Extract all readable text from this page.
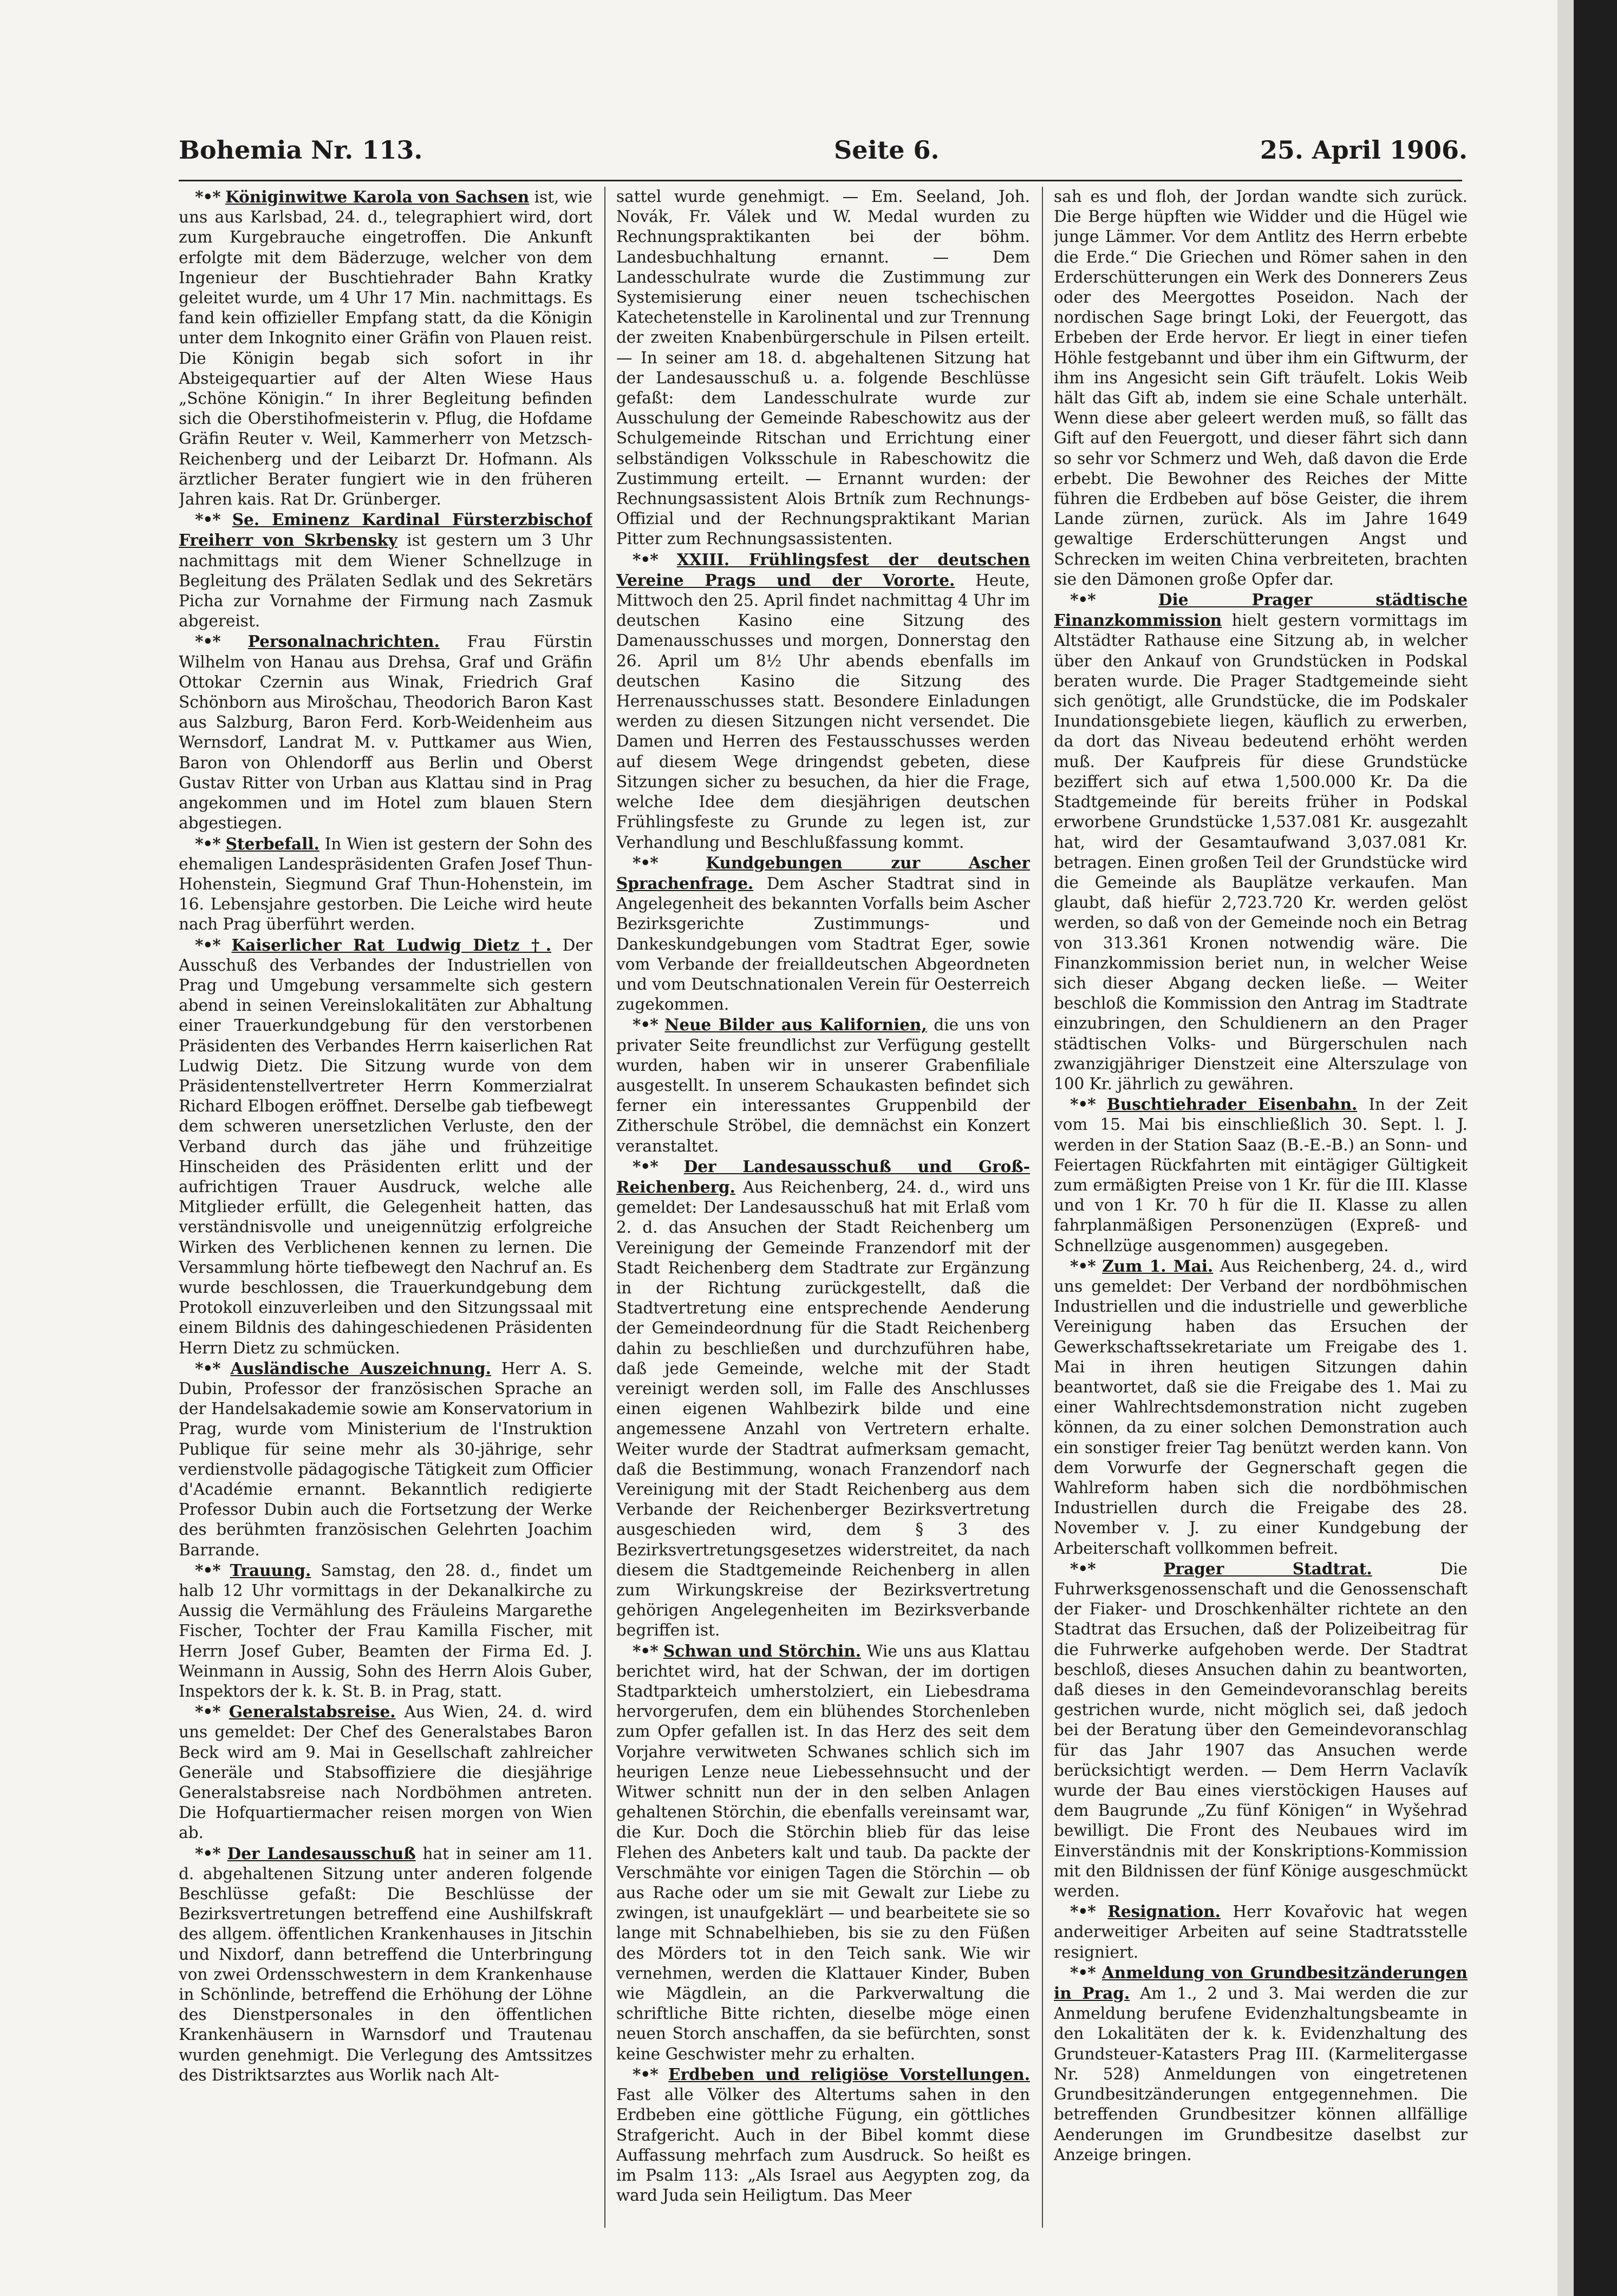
Bohemia Nr. 113.	Seite 6.	25. April 1906.

*•* Königinwitwe Karola von Sachsen ist, wie uns aus Karlsbad, 24. d., telegraphiert wird, dort zum Kurgebrauche eingetroffen. Die Ankunft erfolgte mit dem Bäderzuge, welcher von dem Ingenieur der Buschtiehrader Bahn Kratky geleitet wurde, um 4 Uhr 17 Min. nachmittags. Es fand kein offizieller Empfang statt, da die Königin unter dem Inkognito einer Gräfin von Plauen reist. Die Königin begab sich sofort in ihr Absteigequartier auf der Alten Wiese Haus „Schöne Königin.“ In ihrer Begleitung befinden sich die Oberstihofmeisterin v. Pflug, die Hofdame Gräfin Reuter v. Weil, Kammerherr von Metzsch-Reichenberg und der Leibarzt Dr. Hofmann. Als ärztlicher Berater fungiert wie in den früheren Jahren kais. Rat Dr. Grünberger.

*•* Se. Eminenz Kardinal Fürsterzbischof Freiherr von Skrbensky ist gestern um 3 Uhr nachmittags mit dem Wiener Schnellzuge in Begleitung des Prälaten Sedlak und des Sekretärs Picha zur Vornahme der Firmung nach Zasmuk abgereist.

*•* Personalnachrichten. Frau Fürstin Wilhelm von Hanau aus Drehsa, Graf und Gräfin Ottokar Czernin aus Winak, Friedrich Graf Schönborn aus Mirošchau, Theodorich Baron Kast aus Salzburg, Baron Ferd. Korb-Weidenheim aus Wernsdorf, Landrat M. v. Puttkamer aus Wien, Baron von Ohlendorff aus Berlin und Oberst Gustav Ritter von Urban aus Klattau sind in Prag angekommen und im Hotel zum blauen Stern abgestiegen.

*•* Sterbefall. In Wien ist gestern der Sohn des ehemaligen Landespräsidenten Grafen Josef Thun-Hohenstein, Siegmund Graf Thun-Hohenstein, im 16. Lebensjahre gestorben. Die Leiche wird heute nach Prag überführt werden.

*•* Kaiserlicher Rat Ludwig Dietz †. Der Ausschuß des Verbandes der Industriellen von Prag und Umgebung versammelte sich gestern abend in seinen Vereinslokalitäten zur Abhaltung einer Trauerkundgebung für den verstorbenen Präsidenten des Verbandes Herrn kaiserlichen Rat Ludwig Dietz. Die Sitzung wurde von dem Präsidentenstellvertreter Herrn Kommerzialrat Richard Elbogen eröffnet. Derselbe gab tiefbewegt dem schweren unersetzlichen Verluste, den der Verband durch das jähe und frühzeitige Hinscheiden des Präsidenten erlitt und der aufrichtigen Trauer Ausdruck, welche alle Mitglieder erfüllt, die Gelegenheit hatten, das verständnisvolle und uneigennützig erfolgreiche Wirken des Verblichenen kennen zu lernen. Die Versammlung hörte tiefbewegt den Nachruf an. Es wurde beschlossen, die Trauerkundgebung dem Protokoll einzuverleiben und den Sitzungssaal mit einem Bildnis des dahingeschiedenen Präsidenten Herrn Dietz zu schmücken.

*•* Ausländische Auszeichnung. Herr A. S. Dubin, Professor der französischen Sprache an der Handelsakademie sowie am Konservatorium in Prag, wurde vom Ministerium de l'Instruktion Publique für seine mehr als 30-jährige, sehr verdienstvolle pädagogische Tätigkeit zum Officier d'Académie ernannt. Bekanntlich redigierte Professor Dubin auch die Fortsetzung der Werke des berühmten französischen Gelehrten Joachim Barrande.

*•* Trauung. Samstag, den 28. d., findet um halb 12 Uhr vormittags in der Dekanalkirche zu Aussig die Vermählung des Fräuleins Margarethe Fischer, Tochter der Frau Kamilla Fischer, mit Herrn Josef Guber, Beamten der Firma Ed. J. Weinmann in Aussig, Sohn des Herrn Alois Guber, Inspektors der k. k. St. B. in Prag, statt.

*•* Generalstabsreise. Aus Wien, 24. d. wird uns gemeldet: Der Chef des Generalstabes Baron Beck wird am 9. Mai in Gesellschaft zahlreicher Generäle und Stabsoffiziere die diesjährige Generalstabsreise nach Nordböhmen antreten. Die Hofquartiermacher reisen morgen von Wien ab.

*•* Der Landesausschuß hat in seiner am 11. d. abgehaltenen Sitzung unter anderen folgende Beschlüsse gefaßt: Die Beschlüsse der Bezirksvertretungen betreffend eine Aushilfskraft des allgem. öffentlichen Krankenhauses in Jitschin und Nixdorf, dann betreffend die Unterbringung von zwei Ordensschwestern in dem Krankenhause in Schönlinde, betreffend die Erhöhung der Löhne des Dienstpersonales in den öffentlichen Krankenhäusern in Warnsdorf und Trautenau wurden genehmigt. Die Verlegung des Amtssitzes des Distriktsarztes aus Worlik nach Alt-

sattel wurde genehmigt. — Em. Seeland, Joh. Novák, Fr. Válek und W. Medal wurden zu Rechnungspraktikanten bei der böhm. Landesbuchhaltung ernannt. — Dem Landesschulrate wurde die Zustimmung zur Systemisierung einer neuen tschechischen Katechetenstelle in Karolinental und zur Trennung der zweiten Knabenbürgerschule in Pilsen erteilt. — In seiner am 18. d. abgehaltenen Sitzung hat der Landesausschuß u. a. folgende Beschlüsse gefaßt: dem Landesschulrate wurde zur Ausschulung der Gemeinde Rabeschowitz aus der Schulgemeinde Ritschan und Errichtung einer selbständigen Volksschule in Rabeschowitz die Zustimmung erteilt. — Ernannt wurden: der Rechnungsassistent Alois Brtník zum Rechnungs-Offizial und der Rechnungspraktikant Marian Pitter zum Rechnungsassistenten.

*•* XXIII. Frühlingsfest der deutschen Vereine Prags und der Vororte. Heute, Mittwoch den 25. April findet nachmittag 4 Uhr im deutschen Kasino eine Sitzung des Damenausschusses und morgen, Donnerstag den 26. April um 8½ Uhr abends ebenfalls im deutschen Kasino die Sitzung des Herrenausschusses statt. Besondere Einladungen werden zu diesen Sitzungen nicht versendet. Die Damen und Herren des Festausschusses werden auf diesem Wege dringendst gebeten, diese Sitzungen sicher zu besuchen, da hier die Frage, welche Idee dem diesjährigen deutschen Frühlingsfeste zu Grunde zu legen ist, zur Verhandlung und Beschlußfassung kommt.

*•*	Kundgebungen zur Ascher Sprachenfrage. Dem Ascher Stadtrat sind in Angelegenheit des bekannten Vorfalls beim Ascher Bezirksgerichte Zustimmungs- und Dankeskundgebungen vom Stadtrat Eger, sowie vom Verbande der freialldeutschen Abgeordneten und vom Deutschnationalen Verein für Oesterreich zugekommen.

*•* Neue Bilder aus Kalifornien, die uns von privater Seite freundlichst zur Verfügung gestellt wurden, haben wir in unserer Grabenfiliale ausgestellt. In unserem Schaukasten befindet sich ferner ein interessantes Gruppenbild der Zitherschule Ströbel, die demnächst ein Konzert veranstaltet.

*•* Der Landesausschuß und Groß-Reichenberg. Aus Reichenberg, 24. d., wird uns gemeldet: Der Landesausschuß hat mit Erlaß vom 2. d. das Ansuchen der Stadt Reichenberg um Vereinigung der Gemeinde Franzendorf mit der Stadt Reichenberg dem Stadtrate zur Ergänzung in der Richtung zurückgestellt, daß die Stadtvertretung eine entsprechende Aenderung der Gemeindeordnung für die Stadt Reichenberg dahin zu beschließen und durchzuführen habe, daß jede Gemeinde, welche mit der Stadt vereinigt werden soll, im Falle des Anschlusses einen eigenen Wahlbezirk bilde und eine angemessene Anzahl von Vertretern erhalte. Weiter wurde der Stadtrat aufmerksam gemacht, daß die Bestimmung, wonach Franzendorf nach Vereinigung mit der Stadt Reichenberg aus dem Verbande der Reichenberger Bezirksvertretung ausgeschieden wird, dem § 3 des Bezirksvertretungsgesetzes widerstreitet, da nach diesem die Stadtgemeinde Reichenberg in allen zum Wirkungskreise der Bezirksvertretung gehörigen Angelegenheiten im Bezirksverbande begriffen ist.

*•* Schwan und Störchin. Wie uns aus Klattau berichtet wird, hat der Schwan, der im dortigen Stadtparkteich umherstolziert, ein Liebesdrama hervorgerufen, dem ein blühendes Storchenleben zum Opfer gefallen ist. In das Herz des seit dem Vorjahre verwitweten Schwanes schlich sich im heurigen Lenze neue Liebessehnsucht und der Witwer schnitt nun der in den selben Anlagen gehaltenen Störchin, die ebenfalls vereinsamt war, die Kur. Doch die Störchin blieb für das leise Flehen des Anbeters kalt und taub. Da packte der Verschmähte vor einigen Tagen die Störchin — ob aus Rache oder um sie mit Gewalt zur Liebe zu zwingen, ist unaufgeklärt — und bearbeitete sie so lange mit Schnabelhieben, bis sie zu den Füßen des Mörders tot in den Teich sank. Wie wir vernehmen, werden die Klattauer Kinder, Buben wie Mägdlein, an die Parkverwaltung die schriftliche Bitte richten, dieselbe möge einen neuen Storch anschaffen, da sie befürchten, sonst keine Geschwister mehr zu erhalten.

*•* Erdbeben und religiöse Vorstellungen. Fast alle Völker des Altertums sahen in den Erdbeben eine göttliche Fügung, ein göttliches Strafgericht. Auch in der Bibel kommt diese Auffassung mehrfach zum Ausdruck. So heißt es im Psalm 113: „Als Israel aus Aegypten zog, da ward Juda sein Heiligtum. Das Meer

sah es und floh, der Jordan wandte sich zurück. Die Berge hüpften wie Widder und die Hügel wie junge Lämmer. Vor dem Antlitz des Herrn erbebte die Erde.“ Die Griechen und Römer sahen in den Erderschütterungen ein Werk des Donnerers Zeus oder des Meergottes Poseidon. Nach der nordischen Sage bringt Loki, der Feuergott, das Erbeben der Erde hervor. Er liegt in einer tiefen Höhle festgebannt und über ihm ein Giftwurm, der ihm ins Angesicht sein Gift träufelt. Lokis Weib hält das Gift ab, indem sie eine Schale unterhält. Wenn diese aber geleert werden muß, so fällt das Gift auf den Feuergott, und dieser fährt sich dann so sehr vor Schmerz und Weh, daß davon die Erde erbebt. Die Bewohner des Reiches der Mitte führen die Erdbeben auf böse Geister, die ihrem Lande zürnen, zurück. Als im Jahre 1649 gewaltige Erderschütterungen Angst und Schrecken im weiten China verbreiteten, brachten sie den Dämonen große Opfer dar.

*•*	Die Prager städtische Finanzkommission hielt gestern vormittags im Altstädter Rathause eine Sitzung ab, in welcher über den Ankauf von Grundstücken in Podskal beraten wurde. Die Prager Stadtgemeinde sieht sich genötigt, alle Grundstücke, die im Podskaler Inundationsgebiete liegen, käuflich zu erwerben, da dort das Niveau bedeutend erhöht werden muß. Der Kaufpreis für diese Grundstücke beziffert sich auf etwa 1,500.000 Kr. Da die Stadtgemeinde für bereits früher in Podskal erworbene Grundstücke 1,537.081 Kr. ausgezahlt hat, wird der Gesamtaufwand 3,037.081 Kr. betragen. Einen großen Teil der Grundstücke wird die Gemeinde als Bauplätze verkaufen. Man glaubt, daß hiefür 2,723.720 Kr. werden gelöst werden, so daß von der Gemeinde noch ein Betrag von 313.361 Kronen notwendig wäre. Die Finanzkommission beriet nun, in welcher Weise sich dieser Abgang decken ließe. — Weiter beschloß die Kommission den Antrag im Stadtrate einzubringen, den Schuldienern an den Prager städtischen Volks- und Bürgerschulen nach zwanzigjähriger Dienstzeit eine Alterszulage von 100 Kr. jährlich zu gewähren.

*•* Buschtiehrader Eisenbahn. In der Zeit vom 15. Mai bis einschließlich 30. Sept. l. J. werden in der Station Saaz (B.-E.-B.) an Sonn- und Feiertagen Rückfahrten mit eintägiger Gültigkeit zum ermäßigten Preise von 1 Kr. für die III. Klasse und von 1 Kr. 70 h für die II. Klasse zu allen fahrplanmäßigen Personenzügen (Expreß- und Schnellzüge ausgenommen) ausgegeben.

*•* Zum 1. Mai. Aus Reichenberg, 24. d., wird uns gemeldet: Der Verband der nordböhmischen Industriellen und die industrielle und gewerbliche Vereinigung haben das Ersuchen der Gewerkschaftssekretariate um Freigabe des 1. Mai in ihren heutigen Sitzungen dahin beantwortet, daß sie die Freigabe des 1. Mai zu einer Wahlrechtsdemonstration nicht zugeben können, da zu einer solchen Demonstration auch ein sonstiger freier Tag benützt werden kann. Von dem Vorwurfe der Gegnerschaft gegen die Wahlreform haben sich die nordböhmischen Industriellen durch die Freigabe des 28. November v. J. zu einer Kundgebung der Arbeiterschaft vollkommen befreit.

*•*	Prager Stadtrat.	Die Fuhrwerksgenossenschaft und die Genossenschaft der Fiaker- und Droschkenhälter richtete an den Stadtrat das Ersuchen, daß der Polizeibeitrag für die Fuhrwerke aufgehoben werde. Der Stadtrat beschloß, dieses Ansuchen dahin zu beantworten, daß dieses in den Gemeindevoranschlag bereits gestrichen wurde, nicht möglich sei, daß jedoch bei der Beratung über den Gemeindevoranschlag für das Jahr 1907 das Ansuchen werde berücksichtigt werden. — Dem Herrn Vaclavík wurde der Bau eines vierstöckigen Hauses auf dem Baugrunde „Zu fünf Königen“ in Wyšehrad bewilligt. Die Front des Neubaues wird im Einverständnis mit der Konskriptions-Kommission mit den Bildnissen der fünf Könige ausgeschmückt werden.

*•* Resignation. Herr Kovařovic hat wegen anderweitiger Arbeiten auf seine Stadtratsstelle resigniert.

*•* Anmeldung von Grundbesitzänderungen in Prag. Am 1., 2 und 3. Mai werden die zur Anmeldung berufene Evidenzhaltungsbeamte in den Lokalitäten der k. k. Evidenzhaltung des Grundsteuer-Katasters Prag III. (Karmelitergasse Nr. 528) Anmeldungen von eingetretenen Grundbesitzänderungen entgegennehmen. Die betreffenden Grundbesitzer können allfällige Aenderungen im Grundbesitze daselbst zur Anzeige bringen.
